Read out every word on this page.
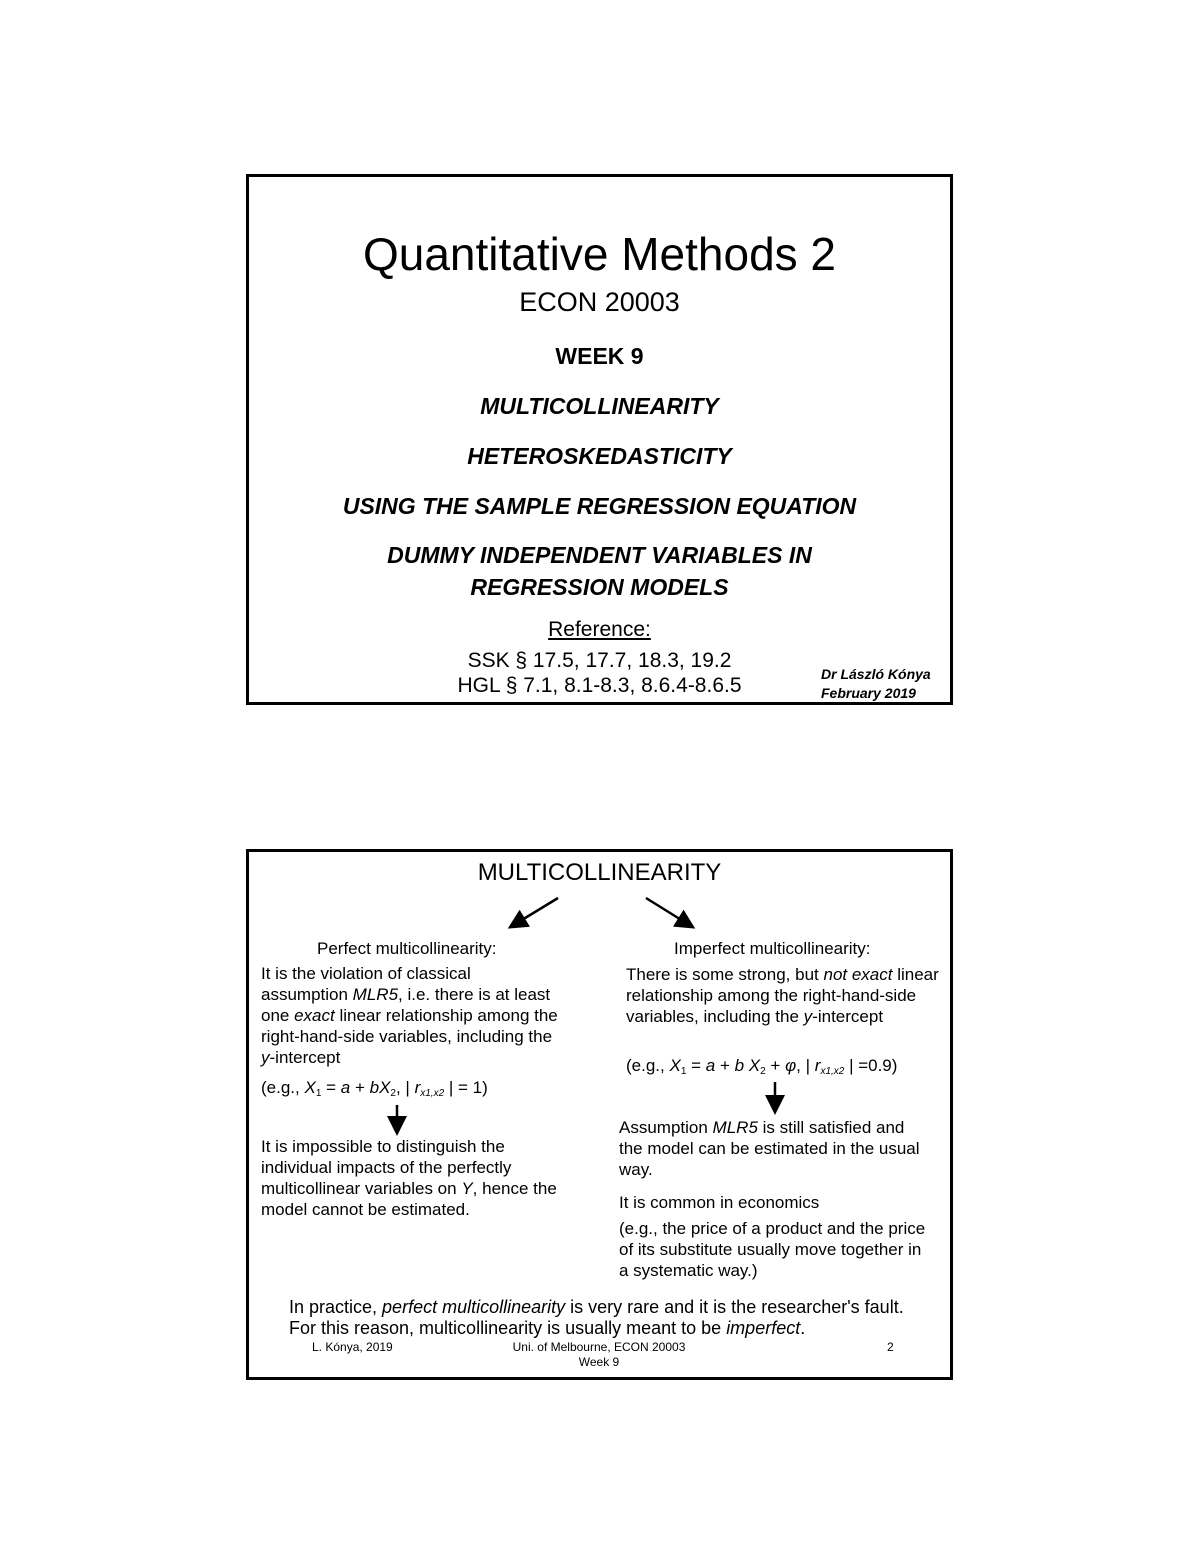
Quantitative Methods 2
ECON 20003
WEEK 9
MULTICOLLINEARITY
HETEROSKEDASTICITY
USING THE SAMPLE REGRESSION EQUATION
DUMMY INDEPENDENT VARIABLES IN
REGRESSION MODELS
Reference:
SSK § 17.5, 17.7, 18.3, 19.2
HGL § 7.1, 8.1-8.3, 8.6.4-8.6.5	Dr László Kónya
February 2019
MULTICOLLINEARITY
Perfect multicollinearity:
It is the violation of classical assumption MLR5, i.e. there is at least one exact linear relationship among the right-hand-side variables, including the y-intercept
(e.g., $X_1 = a + bX_2$, | $r_{x1,x2}$ | = 1)
It is impossible to distinguish the individual impacts of the perfectly multicollinear variables on Y, hence the model cannot be estimated.
Imperfect multicollinearity:
There is some strong, but not exact linear relationship among the right-hand-side variables, including the y-intercept
(e.g., $X_1 = a + b$ $X_2 + \varphi$, | $r_{x1,x2}$ | =0.9)
Assumption MLR5 is still satisfied and the model can be estimated in the usual way.
It is common in economics
(e.g., the price of a product and the price of its substitute usually move together in a systematic way.)
In practice, perfect multicollinearity is very rare and it is the researcher's fault. For this reason, multicollinearity is usually meant to be imperfect.
L. Kónya, 2019	Uni. of Melbourne, ECON 20003
Week 9
2
